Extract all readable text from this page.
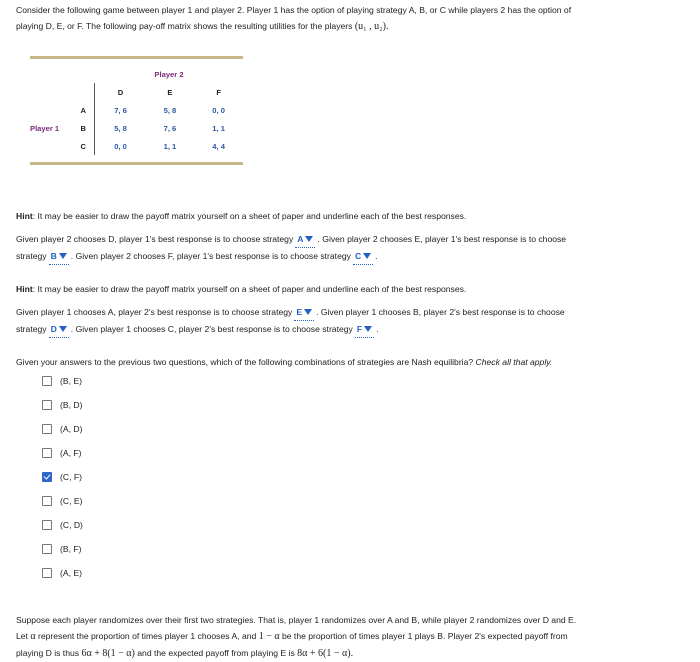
Consider the following game between player 1 and player 2. Player 1 has the option of playing strategy A, B, or C while players 2 has the option of
playing D, E, or F. The following pay-off matrix shows the resulting utilities for the players (u₁ , u₂).
		Player 2		
		D	E	F
	A	7, 6	5, 8	0, 0
Player 1	B	5, 8	7, 6	1, 1
	C	0, 0	1, 1	4, 4
Hint: It may be easier to draw the payoff matrix yourself on a sheet of paper and underline each of the best responses.
Given player 2 chooses D, player 1's best response is to choose strategy A . Given player 2 chooses E, player 1's best response is to choose
strategy B . Given player 2 chooses F, player 1's best response is to choose strategy C .
Hint: It may be easier to draw the payoff matrix yourself on a sheet of paper and underline each of the best responses.
Given player 1 chooses A, player 2's best response is to choose strategy E . Given player 1 chooses B, player 2's best response is to choose
strategy D . Given player 1 chooses C, player 2's best response is to choose strategy F .
Given your answers to the previous two questions, which of the following combinations of strategies are Nash equilibria? Check all that apply.
(B, E)
(B, D)
(A, D)
(A, F)
(C, F)
(C, E)
(C, D)
(B, F)
(A, E)
Suppose each player randomizes over their first two strategies. That is, player 1 randomizes over A and B, while player 2 randomizes over D and E.
Let α represent the proportion of times player 1 chooses A, and 1 − α be the proportion of times player 1 plays B. Player 2's expected payoff from
playing D is thus 6α + 8(1 − α) and the expected payoff from playing E is 8α + 6(1 − α).
